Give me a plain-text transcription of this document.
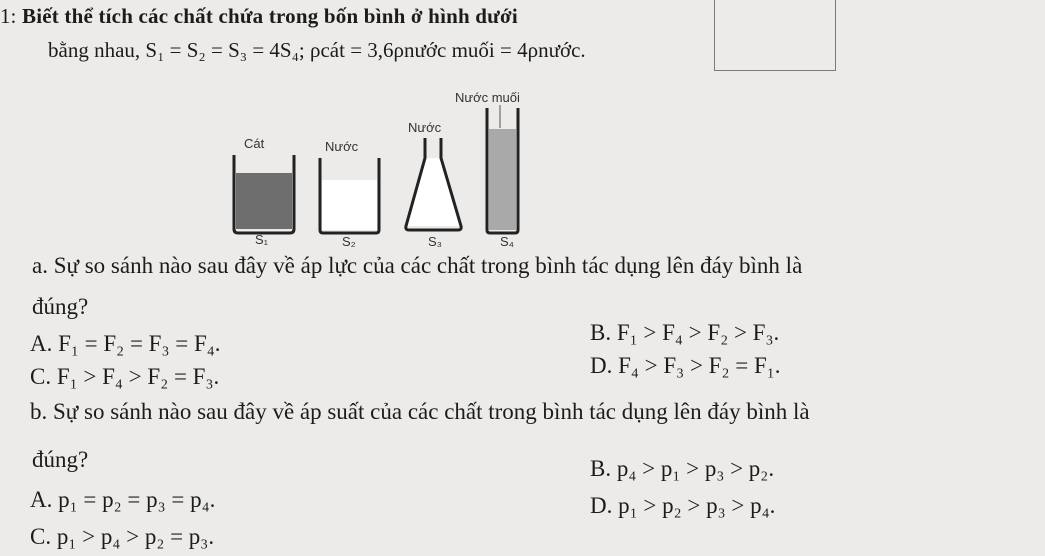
1: Biết thể tích các chất chứa trong bốn bình ở hình dưới
bằng nhau, S₁ = S₂ = S₃ = 4S₄; ρcát = 3,6ρnước muối = 4ρnước.
Nước muối
Nước
Cát	Nước
S₁	S₂	S₃	S₄
a. Sự so sánh nào sau đây về áp lực của các chất trong bình tác dụng lên đáy bình là
đúng?
A. F₁ = F₂ = F₃ = F₄.	B. F₁ > F₄ > F₂ > F₃.
C. F₁ > F₄ > F₂ = F₃.	D. F₄ > F₃ > F₂ = F₁.
b. Sự so sánh nào sau đây về áp suất của các chất trong bình tác dụng lên đáy bình là
đúng?	B. p₄ > p₁ > p₃ > p₂.
A. p₁ = p₂ = p₃ = p₄.	D. p₁ > p₂ > p₃ > p₄.
C. p₁ > p₄ > p₂ = p₃.
